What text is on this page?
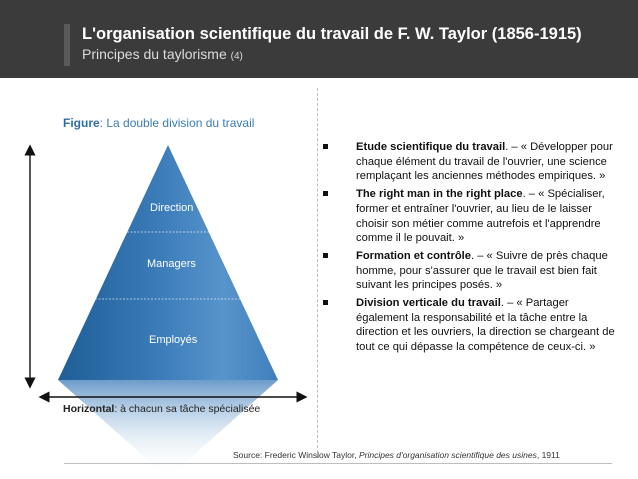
L'organisation scientifique du travail de F. W. Taylor (1856-1915)
Principes du taylorisme (4)
Figure: La double division du travail
Direction
Managers
Employés
Vertical:
Séparation
entre
Conception
et exécution
Horizontal: à chacun sa tâche spécialisée
Etude scientifique du travail. – « Développer pour chaque élément du travail de l'ouvrier, une science remplaçant les anciennes méthodes empiriques. »
The right man in the right place. – « Spécialiser, former et entraîner l'ouvrier, au lieu de le laisser choisir son métier comme autrefois et l'apprendre comme il le pouvait. »
Formation et contrôle. – « Suivre de près chaque homme, pour s'assurer que le travail est bien fait suivant les principes posés. »
Division verticale du travail. – « Partager également la responsabilité et la tâche entre la direction et les ouvriers, la direction se chargeant de tout ce qui dépasse la compétence de ceux-ci. »
Source: Frederic Winslow Taylor, Principes d'organisation scientifique des usines, 1911
